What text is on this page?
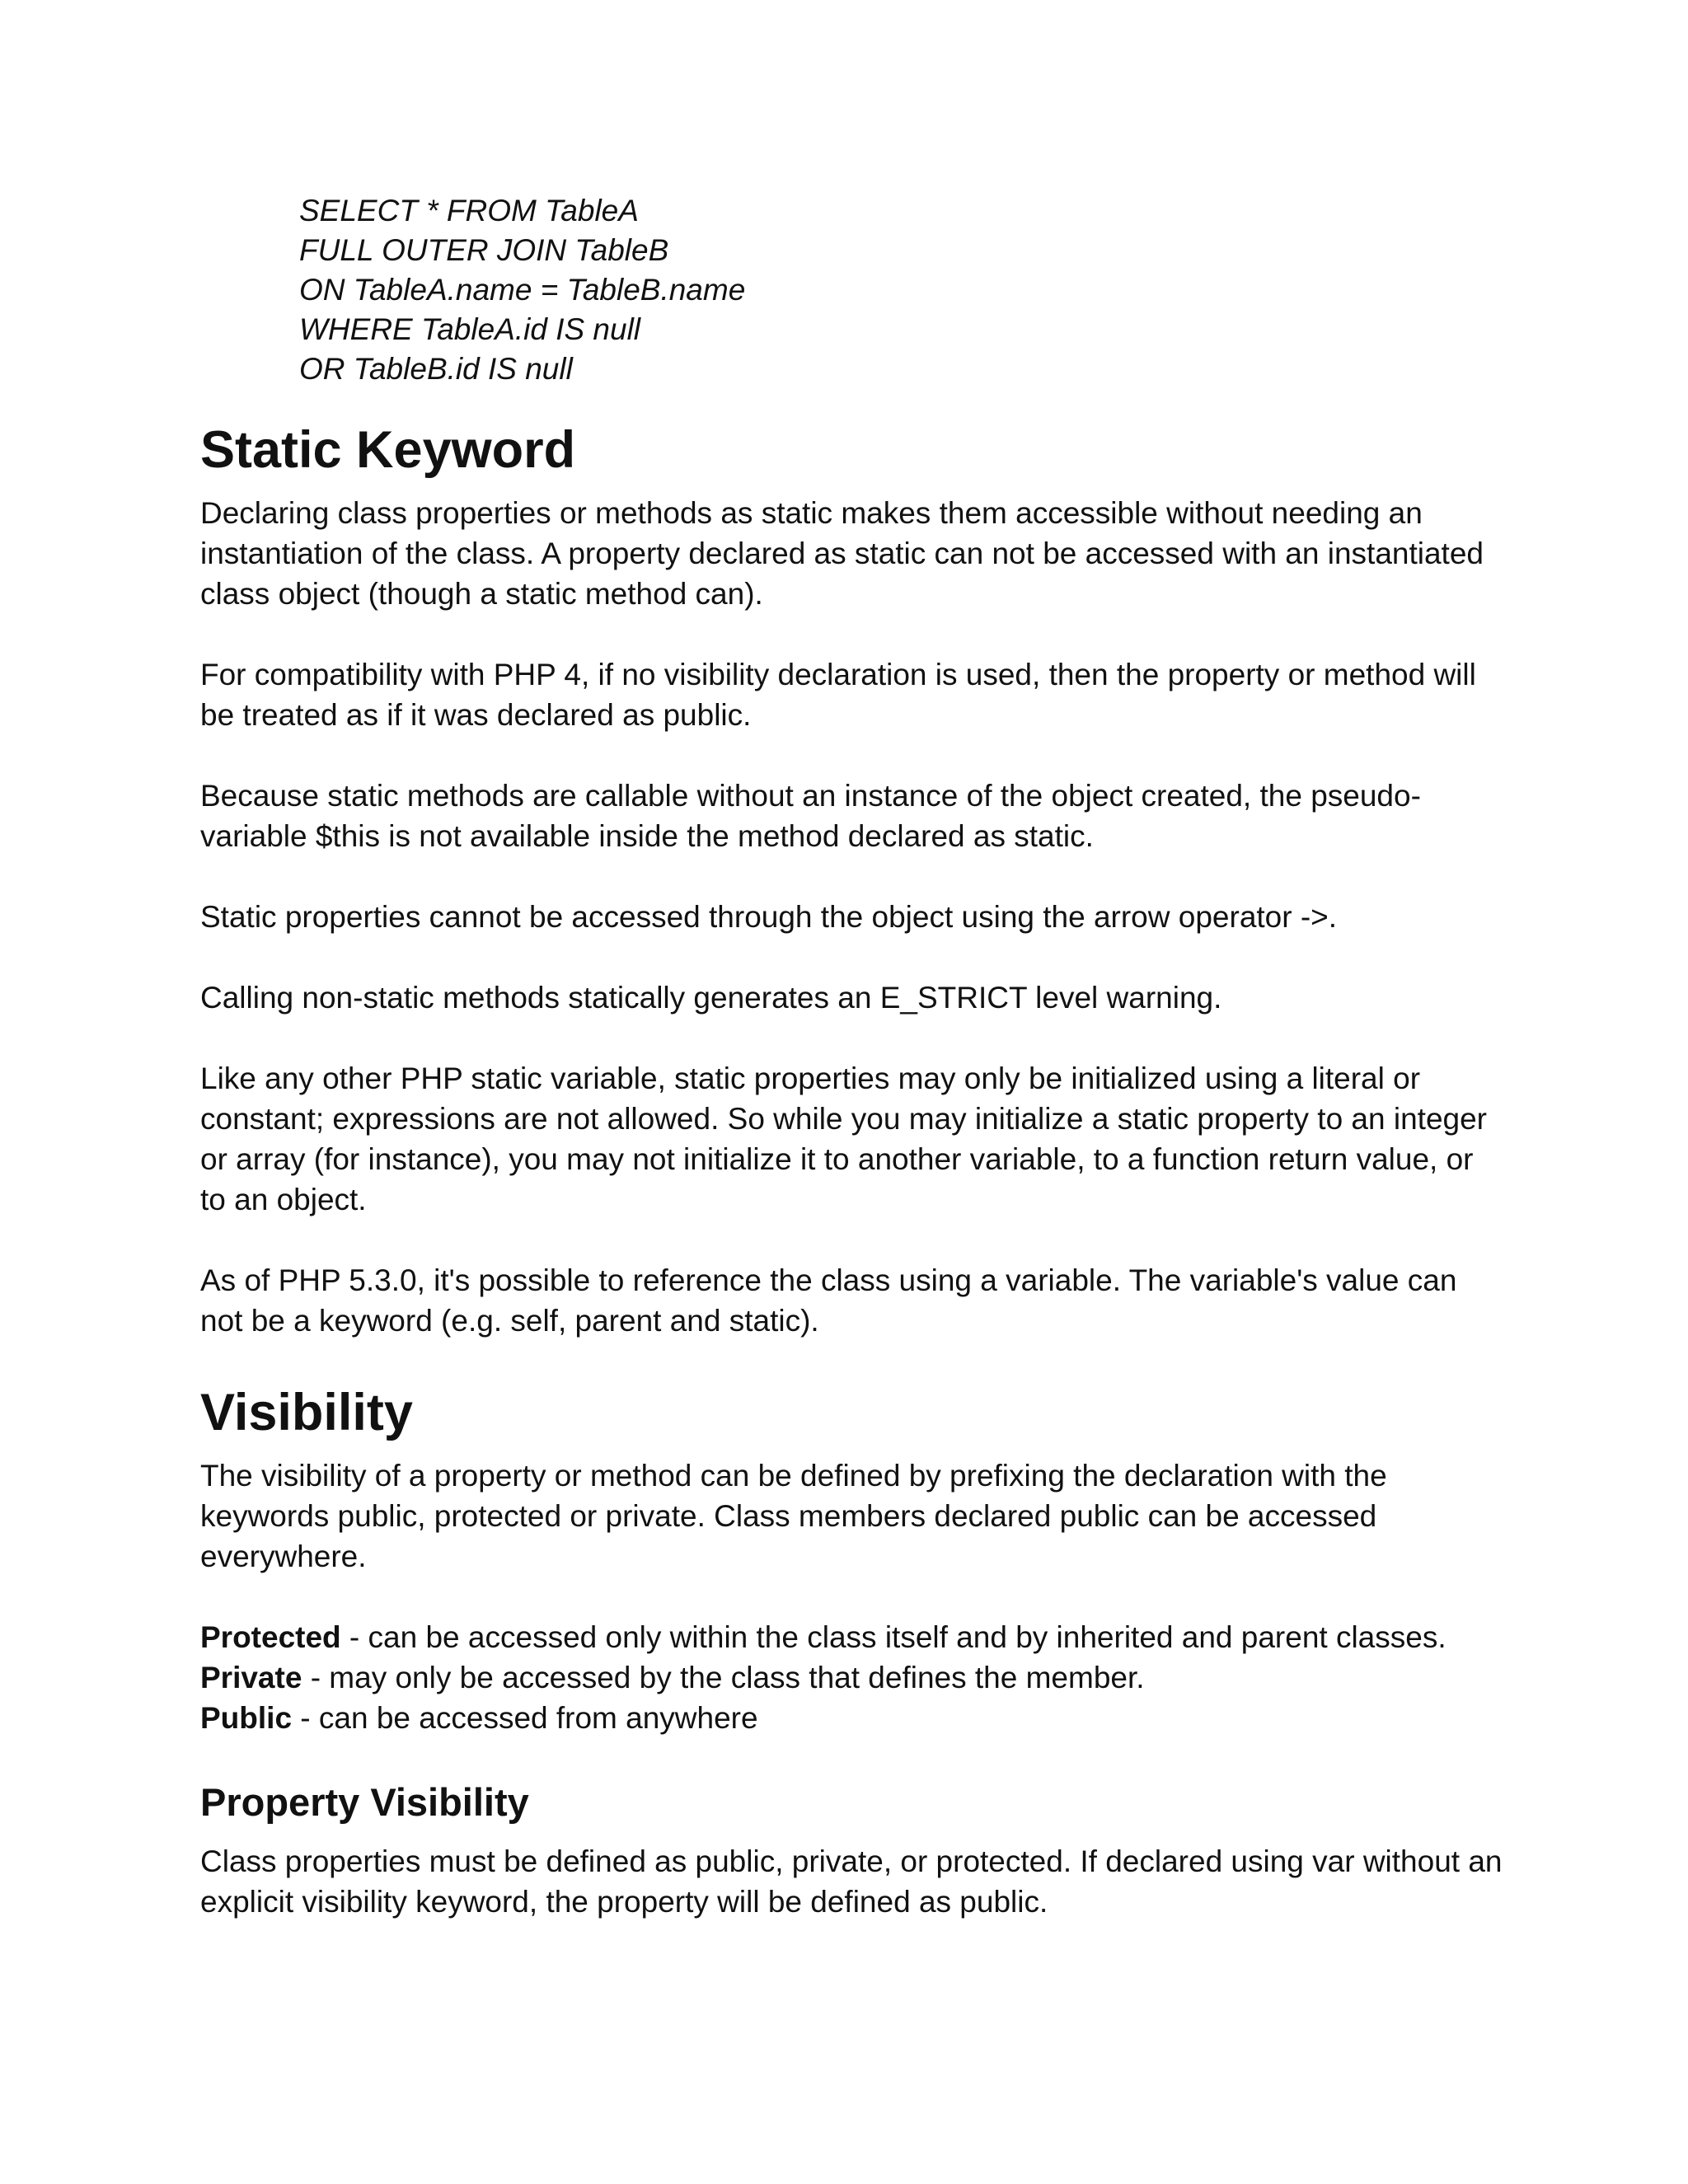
SELECT * FROM TableA
FULL OUTER JOIN TableB
ON TableA.name = TableB.name
WHERE TableA.id IS null
OR TableB.id IS null
Static Keyword

Declaring class properties or methods as static makes them accessible without needing an instantiation of the class. A property declared as static can not be accessed with an instantiated class object (though a static method can).

For compatibility with PHP 4, if no visibility declaration is used, then the property or method will be treated as if it was declared as public.

Because static methods are callable without an instance of the object created, the pseudo-variable $this is not available inside the method declared as static.

Static properties cannot be accessed through the object using the arrow operator ->.

Calling non-static methods statically generates an E_STRICT level warning.

Like any other PHP static variable, static properties may only be initialized using a literal or constant; expressions are not allowed. So while you may initialize a static property to an integer or array (for instance), you may not initialize it to another variable, to a function return value, or to an object.

As of PHP 5.3.0, it's possible to reference the class using a variable. The variable's value can not be a keyword (e.g. self, parent and static).

Visibility

The visibility of a property or method can be defined by prefixing the declaration with the keywords public, protected or private. Class members declared public can be accessed everywhere.

Protected - can be accessed only within the class itself and by inherited and parent classes.
Private - may only be accessed by the class that defines the member.
Public - can be accessed from anywhere
Property Visibility

Class properties must be defined as public, private, or protected. If declared using var without an explicit visibility keyword, the property will be defined as public.
